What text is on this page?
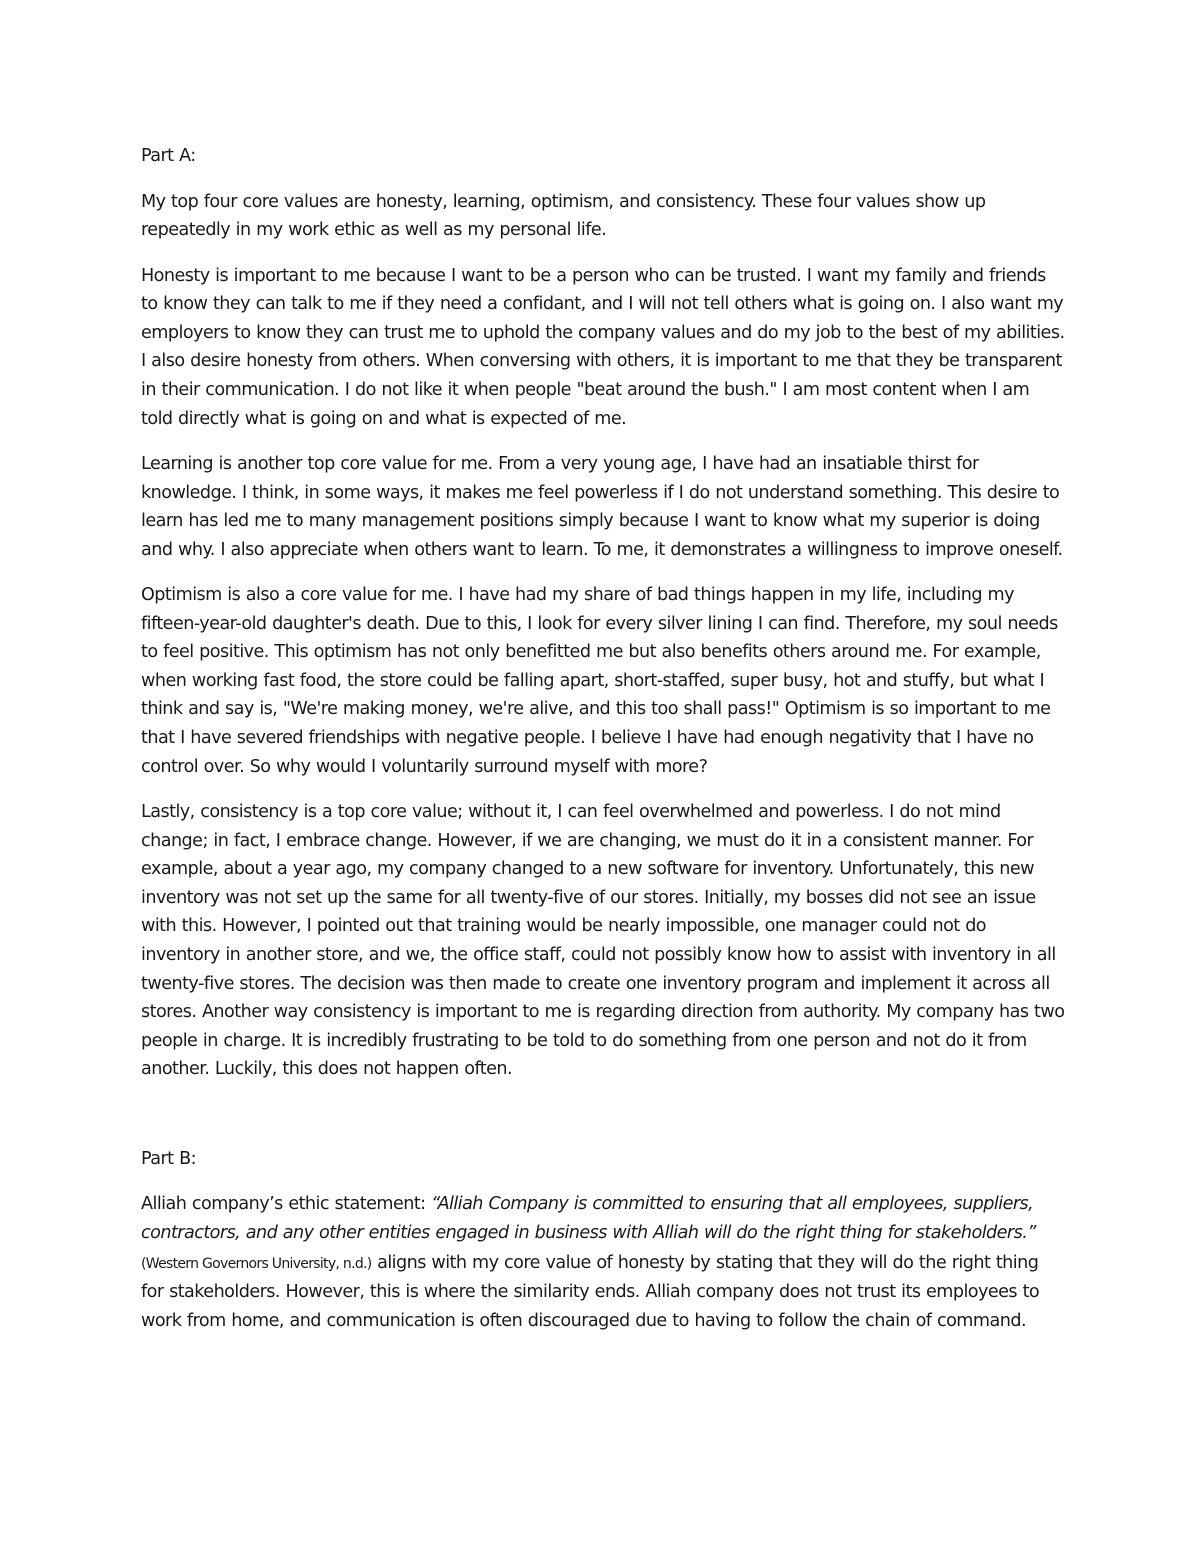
Part A:

My top four core values are honesty, learning, optimism, and consistency. These four values show up repeatedly in my work ethic as well as my personal life.

Honesty is important to me because I want to be a person who can be trusted. I want my family and friends to know they can talk to me if they need a confidant, and I will not tell others what is going on. I also want my employers to know they can trust me to uphold the company values and do my job to the best of my abilities. I also desire honesty from others. When conversing with others, it is important to me that they be transparent in their communication. I do not like it when people "beat around the bush." I am most content when I am told directly what is going on and what is expected of me.

Learning is another top core value for me. From a very young age, I have had an insatiable thirst for knowledge. I think, in some ways, it makes me feel powerless if I do not understand something. This desire to learn has led me to many management positions simply because I want to know what my superior is doing and why. I also appreciate when others want to learn. To me, it demonstrates a willingness to improve oneself.

Optimism is also a core value for me. I have had my share of bad things happen in my life, including my fifteen-year-old daughter's death. Due to this, I look for every silver lining I can find. Therefore, my soul needs to feel positive. This optimism has not only benefitted me but also benefits others around me. For example, when working fast food, the store could be falling apart, short-staffed, super busy, hot and stuffy, but what I think and say is, "We're making money, we're alive, and this too shall pass!" Optimism is so important to me that I have severed friendships with negative people. I believe I have had enough negativity that I have no control over. So why would I voluntarily surround myself with more?

Lastly, consistency is a top core value; without it, I can feel overwhelmed and powerless. I do not mind change; in fact, I embrace change. However, if we are changing, we must do it in a consistent manner. For example, about a year ago, my company changed to a new software for inventory. Unfortunately, this new inventory was not set up the same for all twenty-five of our stores. Initially, my bosses did not see an issue with this. However, I pointed out that training would be nearly impossible, one manager could not do inventory in another store, and we, the office staff, could not possibly know how to assist with inventory in all twenty-five stores. The decision was then made to create one inventory program and implement it across all stores. Another way consistency is important to me is regarding direction from authority. My company has two people in charge. It is incredibly frustrating to be told to do something from one person and not do it from another. Luckily, this does not happen often.

Part B:

Alliah company’s ethic statement: “Alliah Company is committed to ensuring that all employees, suppliers, contractors, and any other entities engaged in business with Alliah will do the right thing for stakeholders.” (Western Governors University, n.d.) aligns with my core value of honesty by stating that they will do the right thing for stakeholders. However, this is where the similarity ends. Alliah company does not trust its employees to work from home, and communication is often discouraged due to having to follow the chain of command.
